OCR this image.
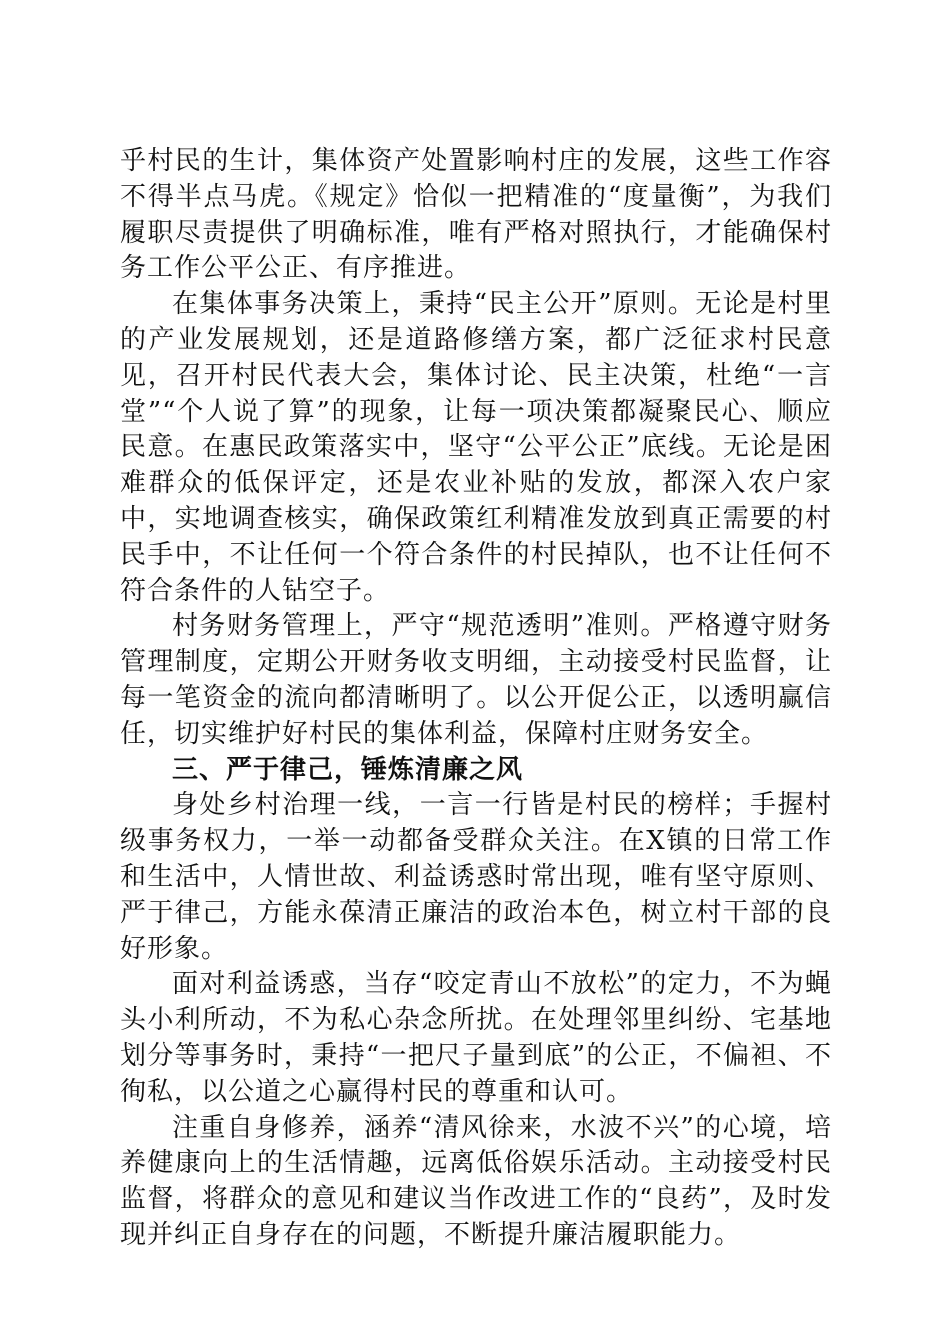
乎村民的生计，集体资产处置影响村庄的发展，这些工作容不得半点马虎。《规定》恰似一把精准的“度量衡”，为我们履职尽责提供了明确标准，唯有严格对照执行，才能确保村务工作公平公正、有序推进。

在集体事务决策上，秉持“民主公开”原则。无论是村里的产业发展规划，还是道路修缮方案，都广泛征求村民意见，召开村民代表大会，集体讨论、民主决策，杜绝“一言堂”“个人说了算”的现象，让每一项决策都凝聚民心、顺应民意。在惠民政策落实中，坚守“公平公正”底线。无论是困难群众的低保评定，还是农业补贴的发放，都深入农户家中，实地调查核实，确保政策红利精准发放到真正需要的村民手中，不让任何一个符合条件的村民掉队，也不让任何不符合条件的人钻空子。

村务财务管理上，严守“规范透明”准则。严格遵守财务管理制度，定期公开财务收支明细，主动接受村民监督，让每一笔资金的流向都清晰明了。以公开促公正，以透明赢信任，切实维护好村民的集体利益，保障村庄财务安全。

三、严于律己，锤炼清廉之风

身处乡村治理一线，一言一行皆是村民的榜样；手握村级事务权力，一举一动都备受群众关注。在X镇的日常工作和生活中，人情世故、利益诱惑时常出现，唯有坚守原则、严于律己，方能永葆清正廉洁的政治本色，树立村干部的良好形象。

面对利益诱惑，当存“咬定青山不放松”的定力，不为蝇头小利所动，不为私心杂念所扰。在处理邻里纠纷、宅基地划分等事务时，秉持“一把尺子量到底”的公正，不偏袒、不徇私，以公道之心赢得村民的尊重和认可。

注重自身修养，涵养“清风徐来，水波不兴”的心境，培养健康向上的生活情趣，远离低俗娱乐活动。主动接受村民监督，将群众的意见和建议当作改进工作的“良药”，及时发现并纠正自身存在的问题，不断提升廉洁履职能力。
